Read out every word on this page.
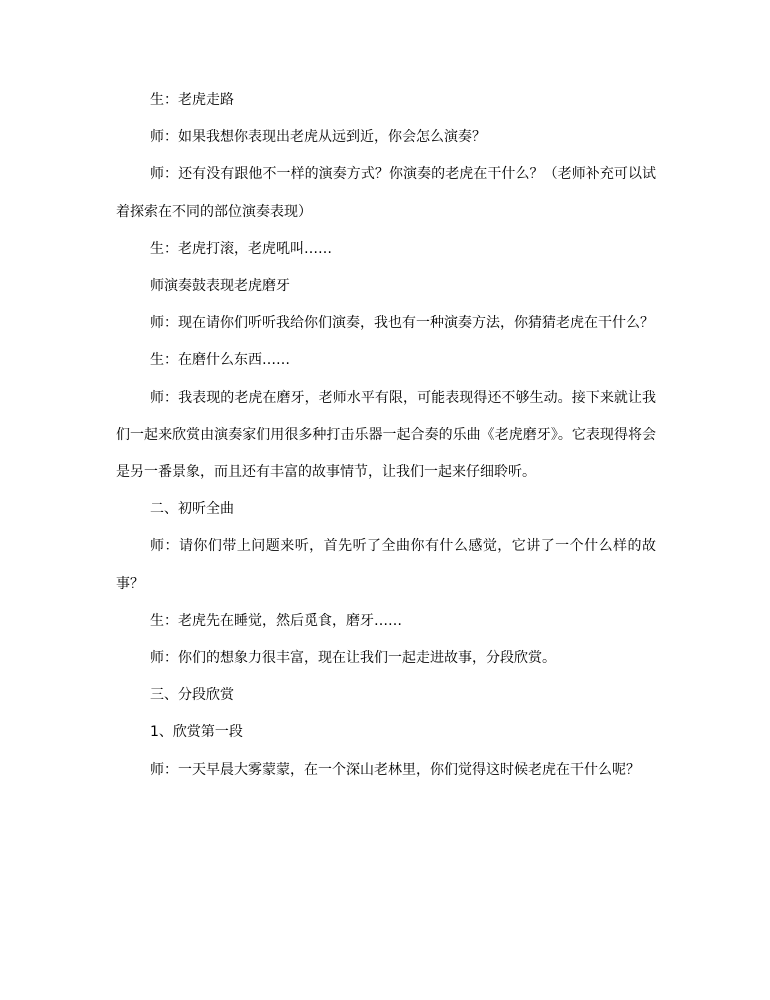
生：老虎走路

师：如果我想你表现出老虎从远到近，你会怎么演奏？

师：还有没有跟他不一样的演奏方式？你演奏的老虎在干什么？（老师补充可以试着探索在不同的部位演奏表现）

生：老虎打滚，老虎吼叫……

师演奏鼓表现老虎磨牙

师：现在请你们听听我给你们演奏，我也有一种演奏方法，你猜猜老虎在干什么？

生：在磨什么东西……

师：我表现的老虎在磨牙，老师水平有限，可能表现得还不够生动。接下来就让我们一起来欣赏由演奏家们用很多种打击乐器一起合奏的乐曲《老虎磨牙》。它表现得将会是另一番景象，而且还有丰富的故事情节，让我们一起来仔细聆听。

二、初听全曲

师：请你们带上问题来听，首先听了全曲你有什么感觉，它讲了一个什么样的故事？

生：老虎先在睡觉，然后觅食，磨牙……

师：你们的想象力很丰富，现在让我们一起走进故事，分段欣赏。

三、分段欣赏

1、欣赏第一段

师：一天早晨大雾蒙蒙，在一个深山老林里，你们觉得这时候老虎在干什么呢？
